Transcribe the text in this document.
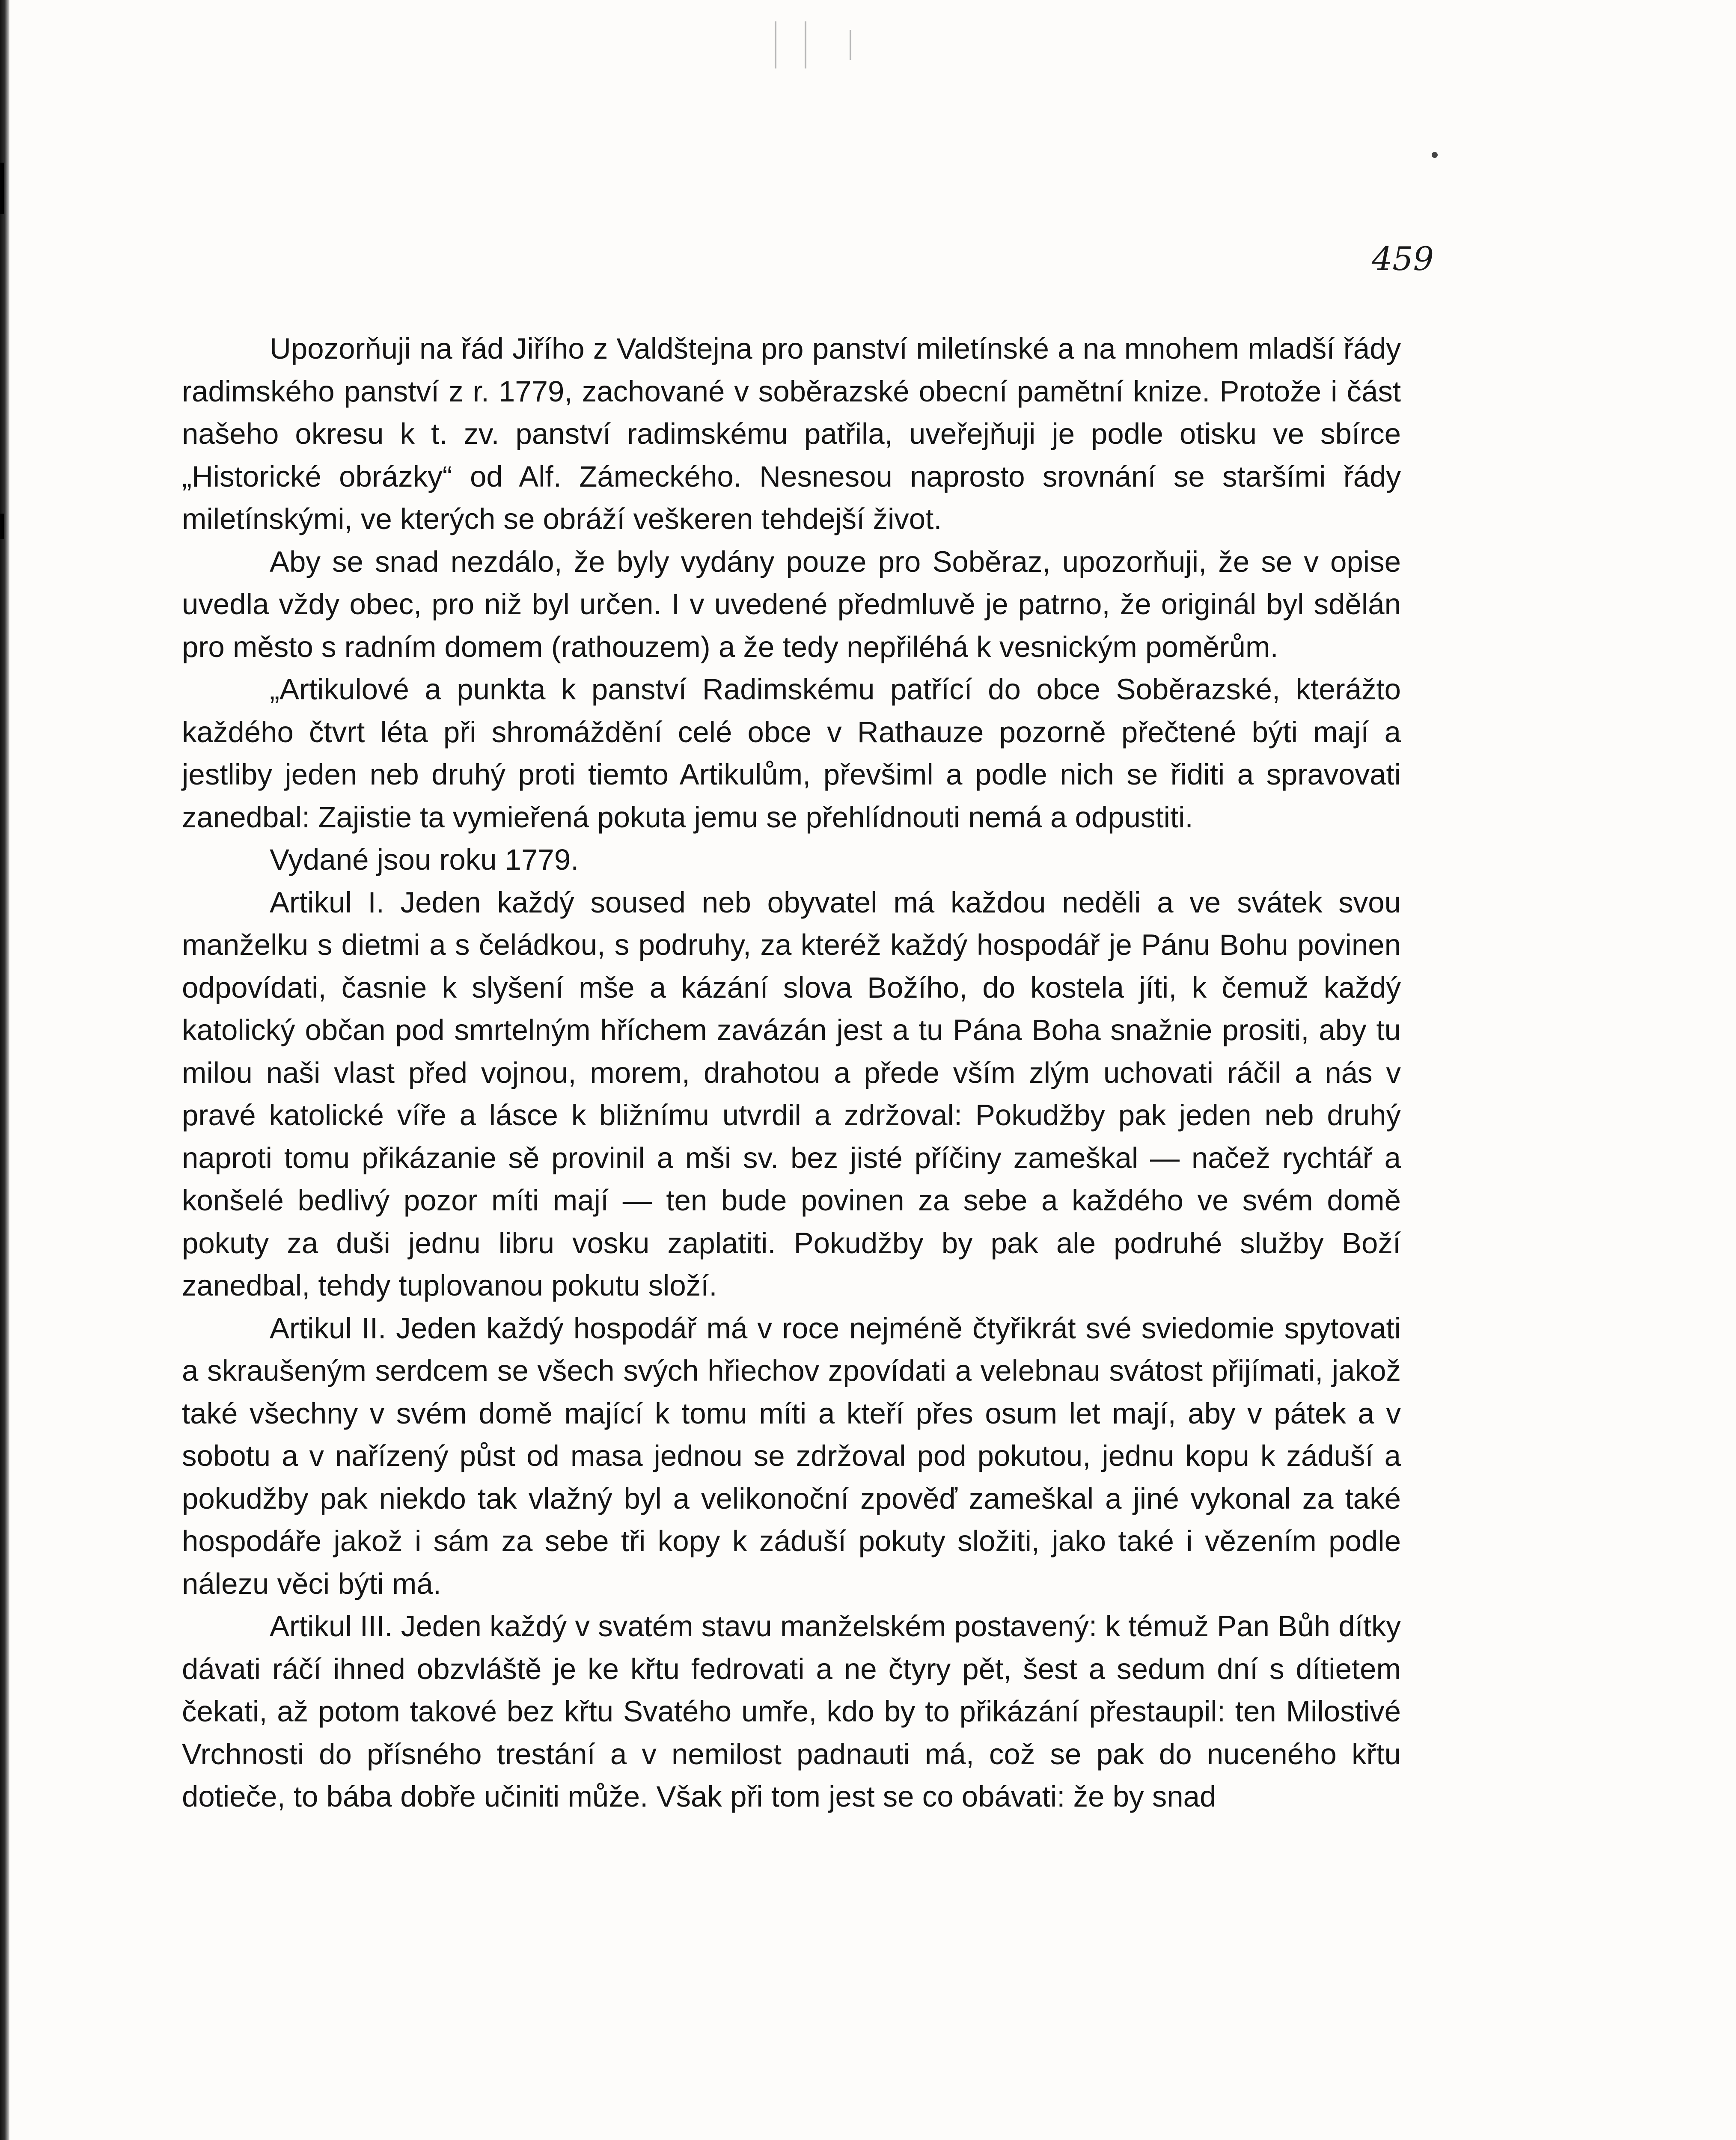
459

Upozorňuji na řád Jiřího z Valdštejna pro panství miletínské a na mnohem mladší řády radimského panství z r. 1779, zachované v soběrazské obecní pamětní knize. Protože i část našeho okresu k t. zv. panství radimskému patřila, uveřejňuji je podle otisku ve sbírce „Historické obrázky“ od Alf. Zámeckého. Nesnesou naprosto srovnání se staršími řády miletínskými, ve kterých se obráží veškeren tehdejší život.

Aby se snad nezdálo, že byly vydány pouze pro Soběraz, upozorňuji, že se v opise uvedla vždy obec, pro niž byl určen. I v uvedené předmluvě je patrno, že originál byl sdělán pro město s radním domem (rathouzem) a že tedy nepřiléhá k vesnickým poměrům.

„Artikulové a punkta k panství Radimskému patřící do obce Soběrazské, kterážto každého čtvrt léta při shromáždění celé obce v Rathauze pozorně přečtené býti mají a jestliby jeden neb druhý proti tiemto Artikulům, převšiml a podle nich se řiditi a spravovati zanedbal: Zajistie ta vymieřená pokuta jemu se přehlídnouti nemá a odpustiti.

Vydané jsou roku 1779.

Artikul I. Jeden každý soused neb obyvatel má každou neděli a ve svátek svou manželku s dietmi a s čeládkou, s podruhy, za kteréž každý hospodář je Pánu Bohu povinen odpovídati, časnie k slyšení mše a kázání slova Božího, do kostela jíti, k čemuž každý katolický občan pod smrtelným hříchem zavázán jest a tu Pána Boha snažnie prositi, aby tu milou naši vlast před vojnou, morem, drahotou a přede vším zlým uchovati ráčil a nás v pravé katolické víře a lásce k bližnímu utvrdil a zdržoval: Pokudžby pak jeden neb druhý naproti tomu přikázanie sě provinil a mši sv. bez jisté příčiny zameškal — načež rychtář a konšelé bedlivý pozor míti mají — ten bude povinen za sebe a každého ve svém domě pokuty za duši jednu libru vosku zaplatiti. Pokudžby by pak ale podruhé služby Boží zanedbal, tehdy tuplovanou pokutu složí.

Artikul II. Jeden každý hospodář má v roce nejméně čtyřikrát své sviedomie spytovati a skraušeným serdcem se všech svých hřiechov zpovídati a velebnau svátost přijímati, jakož také všechny v svém domě mající k tomu míti a kteří přes osum let mají, aby v pátek a v sobotu a v nařízený půst od masa jednou se zdržoval pod pokutou, jednu kopu k záduší a pokudžby pak niekdo tak vlažný byl a velikonoční zpověď zameškal a jiné vykonal za také hospodáře jakož i sám za sebe tři kopy k záduší pokuty složiti, jako také i vězením podle nálezu věci býti má.

Artikul III. Jeden každý v svatém stavu manželském postavený: k témuž Pan Bůh dítky dávati ráčí ihned obzvláště je ke křtu fedrovati a ne čtyry pět, šest a sedum dní s dítietem čekati, až potom takové bez křtu Svatého umře, kdo by to přikázání přestaupil: ten Milostivé Vrchnosti do přísného trestání a v nemilost padnauti má, což se pak do nuceného křtu dotieče, to bába dobře učiniti může. Však při tom jest se co obávati: že by snad
